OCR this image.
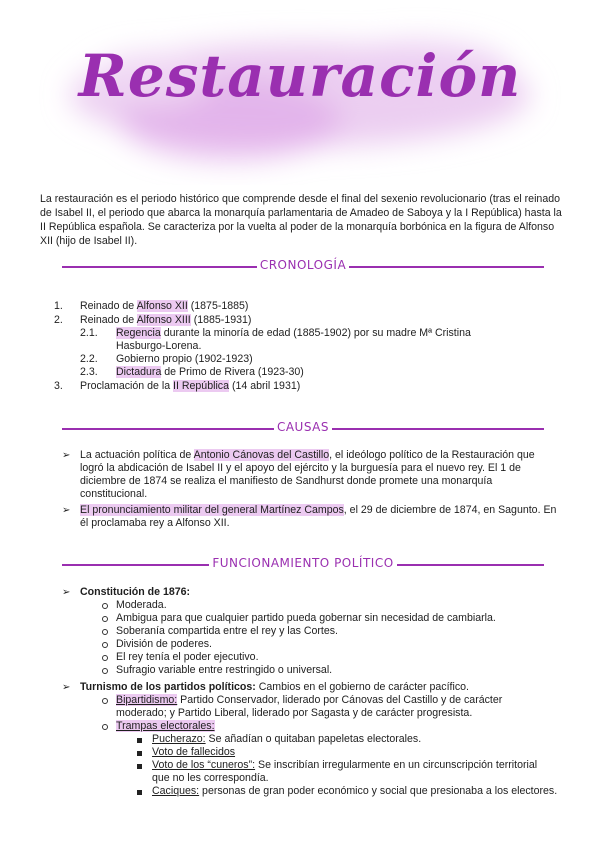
Restauración
La restauración es el periodo histórico que comprende desde el final del sexenio revolucionario (tras el reinado de Isabel II, el periodo que abarca la monarquía parlamentaria de Amadeo de Saboya y la I República) hasta la II República española. Se caracteriza por la vuelta al poder de la monarquía borbónica en la figura de Alfonso XII (hijo de Isabel II).
CRONOLOGÍA
1. Reinado de Alfonso XII (1875-1885)
2. Reinado de Alfonso XIII (1885-1931)
2.1. Regencia durante la minoría de edad (1885-1902) por su madre Mª Cristina
Hasburgo-Lorena.
2.2. Gobierno propio (1902-1923)
2.3. Dictadura de Primo de Rivera (1923-30)
3. Proclamación de la II República (14 abril 1931)
CAUSAS
➢ La actuación política de Antonio Cánovas del Castillo, el ideólogo político de la Restauración que
logró la abdicación de Isabel II y el apoyo del ejército y la burguesía para el nuevo rey. El 1 de
diciembre de 1874 se realiza el manifiesto de Sandhurst donde promete una monarquía
constitucional.
➢ El pronunciamiento militar del general Martínez Campos, el 29 de diciembre de 1874, en Sagunto. En
él proclamaba rey a Alfonso XII.
FUNCIONAMIENTO POLÍTICO
➢ Constitución de 1876:
Moderada.
Ambigua para que cualquier partido pueda gobernar sin necesidad de cambiarla.
Soberanía compartida entre el rey y las Cortes.
División de poderes.
El rey tenía el poder ejecutivo.
Sufragio variable entre restringido o universal.
➢ Turnismo de los partidos políticos: Cambios en el gobierno de carácter pacífico.
Bipartidismo: Partido Conservador, liderado por Cánovas del Castillo y de carácter
moderado; y Partido Liberal, liderado por Sagasta y de carácter progresista.
Trampas electorales:
Pucherazo: Se añadían o quitaban papeletas electorales.
Voto de fallecidos
Voto de los “cuneros”: Se inscribían irregularmente en un circunscripción territorial
que no les correspondía.
Caciques: personas de gran poder económico y social que presionaba a los electores.
